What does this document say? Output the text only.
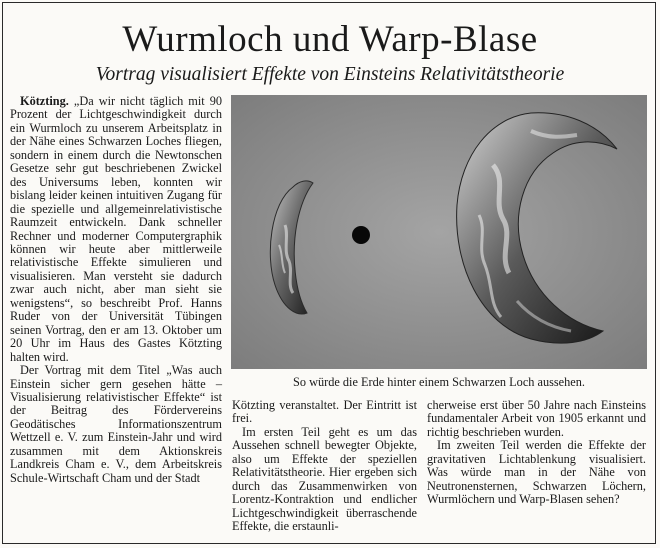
Wurmloch und Warp-Blase
Vortrag visualisiert Effekte von Einsteins Relativitätstheorie

Kötzting. „Da wir nicht täglich mit 90 Prozent der Lichtgeschwindigkeit durch ein Wurmloch zu unserem Arbeitsplatz in der Nähe eines Schwarzen Loches fliegen, sondern in einem durch die Newtonschen Gesetze sehr gut beschriebenen Zwickel des Universums leben, konnten wir bislang leider keinen intuitiven Zugang für die spezielle und allgemeinrelativistische Raumzeit entwickeln. Dank schneller Rechner und moderner Computergraphik können wir heute aber mittlerweile relativistische Effekte simulieren und visualisieren. Man versteht sie dadurch zwar auch nicht, aber man sieht sie wenigstens“, so beschreibt Prof. Hanns Ruder von der Universität Tübingen seinen Vortrag, den er am 13. Oktober um 20 Uhr im Haus des Gastes Kötzting halten wird.

Der Vortrag mit dem Titel „Was auch Einstein sicher gern gesehen hätte – Visualisierung relativistischer Effekte“ ist der Beitrag des Fördervereins Geodätisches Informationszentrum Wettzell e. V. zum Einstein-Jahr und wird zusammen mit dem Aktionskreis Landkreis Cham e. V., dem Arbeitskreis Schule-Wirtschaft Cham und der Stadt

So würde die Erde hinter einem Schwarzen Loch aussehen.

Kötzting veranstaltet. Der Eintritt ist frei.

Im ersten Teil geht es um das Aussehen schnell bewegter Objekte, also um Effekte der speziellen Relativitätstheorie. Hier ergeben sich durch das Zusammenwirken von Lorentz-Kontraktion und endlicher Lichtgeschwindigkeit überraschende Effekte, die erstaunli-

cherweise erst über 50 Jahre nach Einsteins fundamentaler Arbeit von 1905 erkannt und richtig beschrieben wurden.

Im zweiten Teil werden die Effekte der gravitativen Lichtablenkung visualisiert. Was würde man in der Nähe von Neutronensternen, Schwarzen Löchern, Wurmlöchern und Warp-Blasen sehen?
